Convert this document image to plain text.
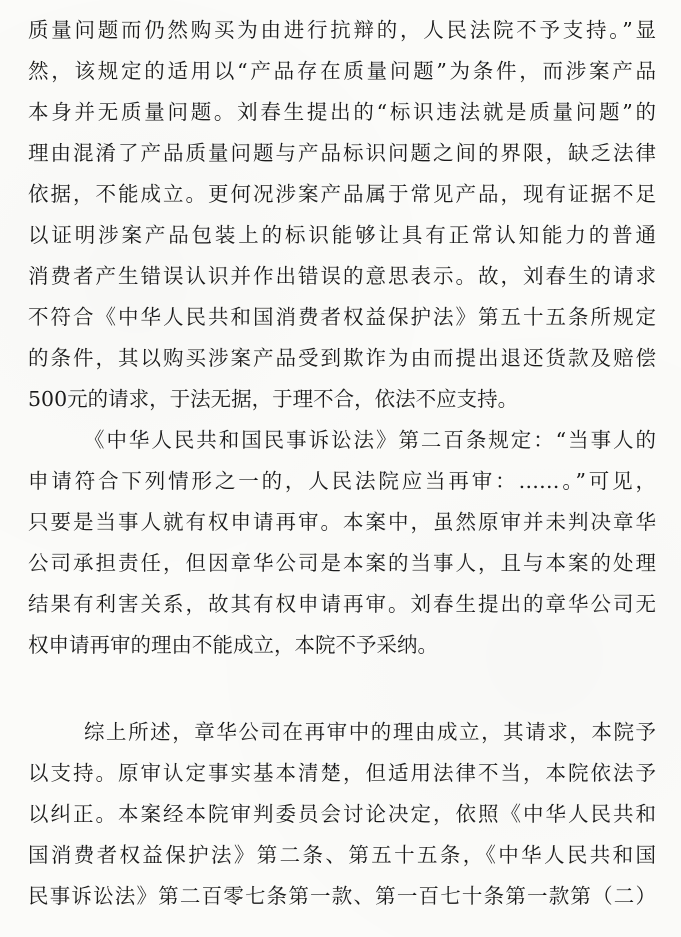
质量问题而仍然购买为由进行抗辩的，人民法院不予支持。”显
然，该规定的适用以“产品存在质量问题”为条件，而涉案产品
本身并无质量问题。刘春生提出的“标识违法就是质量问题”的
理由混淆了产品质量问题与产品标识问题之间的界限，缺乏法律
依据，不能成立。更何况涉案产品属于常见产品，现有证据不足
以证明涉案产品包装上的标识能够让具有正常认知能力的普通
消费者产生错误认识并作出错误的意思表示。故，刘春生的请求
不符合《中华人民共和国消费者权益保护法》第五十五条所规定
的条件，其以购买涉案产品受到欺诈为由而提出退还货款及赔偿
500元的请求，于法无据，于理不合，依法不应支持。
《中华人民共和国民事诉讼法》第二百条规定：“当事人的
申请符合下列情形之一的，人民法院应当再审：……。”可见，
只要是当事人就有权申请再审。本案中，虽然原审并未判决章华
公司承担责任，但因章华公司是本案的当事人，且与本案的处理
结果有利害关系，故其有权申请再审。刘春生提出的章华公司无
权申请再审的理由不能成立，本院不予采纳。
综上所述，章华公司在再审中的理由成立，其请求，本院予
以支持。原审认定事实基本清楚，但适用法律不当，本院依法予
以纠正。本案经本院审判委员会讨论决定，依照《中华人民共和
国消费者权益保护法》第二条、第五十五条，《中华人民共和国
民事诉讼法》第二百零七条第一款、第一百七十条第一款第（二）
